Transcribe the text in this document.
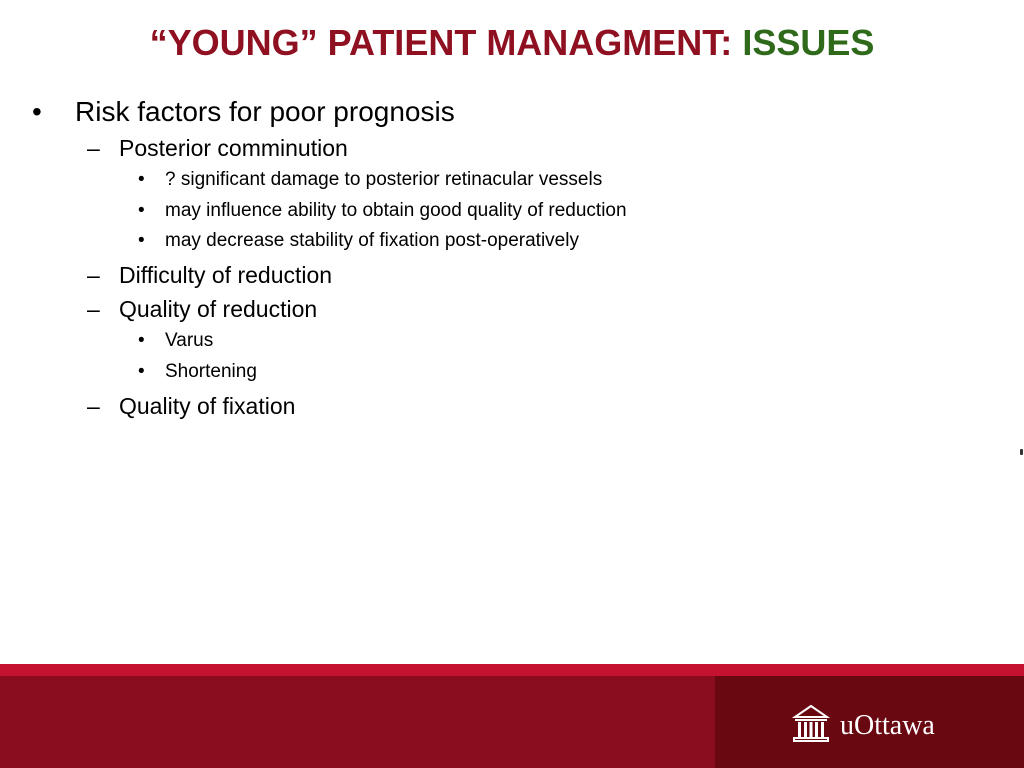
“YOUNG” PATIENT MANAGMENT: ISSUES
• Risk factors for poor prognosis
– Posterior comminution
• ? significant damage to posterior retinacular vessels
• may influence ability to obtain good quality of reduction
• may decrease stability of fixation post-operatively
– Difficulty of reduction
– Quality of reduction
• Varus
• Shortening
– Quality of fixation
uOttawa
